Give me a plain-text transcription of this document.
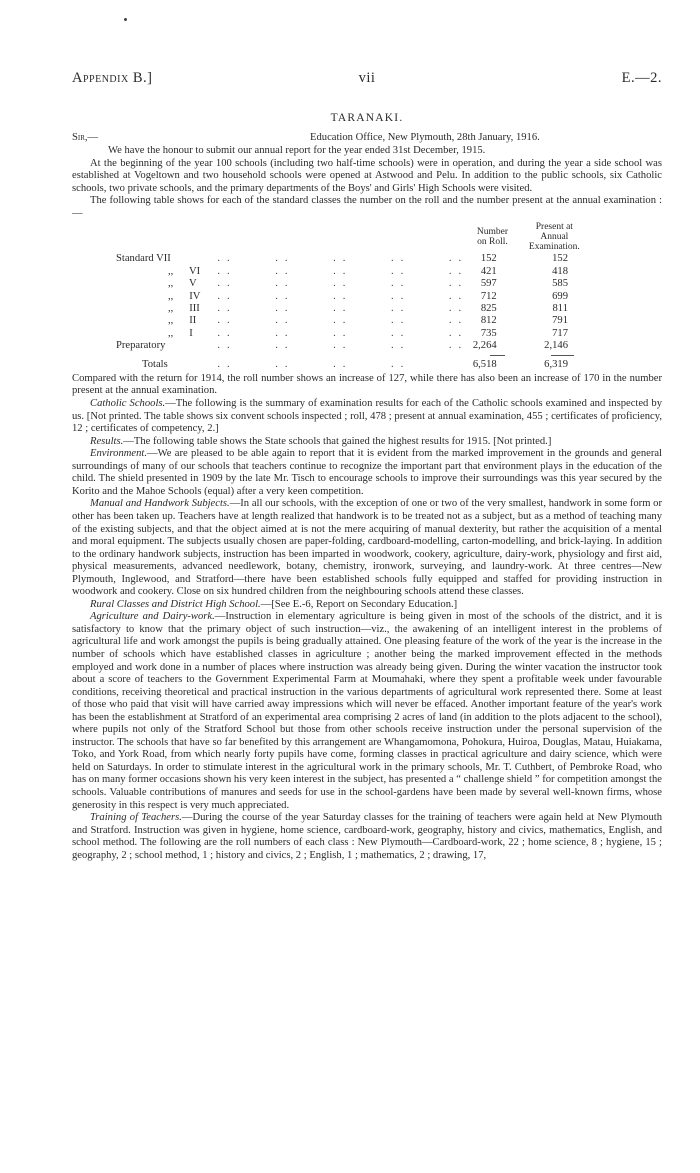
Appendix B.]	vii	E.—2.
TARANAKI.
Sir,—	Education Office, New Plymouth, 28th January, 1916.

We have the honour to submit our annual report for the year ended 31st December, 1915.

At the beginning of the year 100 schools (including two half-time schools) were in operation, and during the year a side school was established at Vogeltown and two household schools were opened at Astwood and Pelu. In addition to the public schools, six Catholic schools, two private schools, and the primary departments of the Boys' and Girls' High Schools were visited.

The following table shows for each of the standard classes the number on the roll and the number present at the annual examination :—

		Number
on Roll.	Present at Annual
Examination.
Standard VII	..    ..    ..    ..    ..	152	152
,,      VI	..    ..    ..    ..    ..	421	418
,,      V	..    ..    ..    ..    ..	597	585
,,      IV	..    ..    ..    ..    ..	712	699
,,      III	..    ..    ..    ..    ..	825	811
,,      II	..    ..    ..    ..    ..	812	791
,,      I	..    ..    ..    ..    ..	735	717
Preparatory	..    ..    ..    ..    ..	2,264	2,146

Totals	..    ..    ..    ..	6,518	6,319

Compared with the return for 1914, the roll number shows an increase of 127, while there has also been an increase of 170 in the number present at the annual examination.

Catholic Schools.—The following is the summary of examination results for each of the Catholic schools examined and inspected by us. [Not printed. The table shows six convent schools inspected ; roll, 478 ; present at annual examination, 455 ; certificates of proficiency, 12 ; certificates of competency, 2.]

Results.—The following table shows the State schools that gained the highest results for 1915. [Not printed.]

Environment.—We are pleased to be able again to report that it is evident from the marked improvement in the grounds and general surroundings of many of our schools that teachers continue to recognize the important part that environment plays in the education of the child. The shield presented in 1909 by the late Mr. Tisch to encourage schools to improve their surroundings was this year secured by the Korito and the Mahoe Schools (equal) after a very keen competition.

Manual and Handwork Subjects.—In all our schools, with the exception of one or two of the very smallest, handwork in some form or other has been taken up. Teachers have at length realized that handwork is to be treated not as a subject, but as a method of teaching many of the existing subjects, and that the object aimed at is not the mere acquiring of manual dexterity, but rather the acquisition of a mental and moral equipment. The subjects usually chosen are paper-folding, cardboard-modelling, carton-modelling, and brick-laying. In addition to the ordinary handwork subjects, instruction has been imparted in woodwork, cookery, agriculture, dairy-work, physiology and first aid, physical measurements, advanced needlework, botany, chemistry, ironwork, surveying, and laundry-work. At three centres—New Plymouth, Inglewood, and Stratford—there have been established schools fully equipped and staffed for providing instruction in woodwork and cookery. Close on six hundred children from the neighbouring schools attend these classes.

Rural Classes and District High School.—[See E.-6, Report on Secondary Education.]

Agriculture and Dairy-work.—Instruction in elementary agriculture is being given in most of the schools of the district, and it is satisfactory to know that the primary object of such instruction—viz., the awakening of an intelligent interest in the problems of agricultural life and work amongst the pupils is being gradually attained. One pleasing feature of the work of the year is the increase in the number of schools which have established classes in agriculture ; another being the marked improvement effected in the methods employed and work done in a number of places where instruction was already being given. During the winter vacation the instructor took about a score of teachers to the Government Experimental Farm at Moumahaki, where they spent a profitable week under favourable conditions, receiving theoretical and practical instruction in the various departments of agricultural work represented there. Some at least of those who paid that visit will have carried away impressions which will never be effaced. Another important feature of the year's work has been the establishment at Stratford of an experimental area comprising 2 acres of land (in addition to the plots adjacent to the school), where pupils not only of the Stratford School but those from other schools receive instruction under the personal supervision of the instructor. The schools that have so far benefited by this arrangement are Whangamomona, Pohokura, Huiroa, Douglas, Matau, Huiakama, Toko, and York Road, from which nearly forty pupils have come, forming classes in practical agriculture and dairy science, which were held on Saturdays. In order to stimulate interest in the agricultural work in the primary schools, Mr. T. Cuthbert, of Pembroke Road, who has on many former occasions shown his very keen interest in the subject, has presented a “ challenge shield ” for competition amongst the schools. Valuable contributions of manures and seeds for use in the school-gardens have been made by several well-known firms, whose generosity in this respect is very much appreciated.

Training of Teachers.—During the course of the year Saturday classes for the training of teachers were again held at New Plymouth and Stratford. Instruction was given in hygiene, home science, cardboard-work, geography, history and civics, mathematics, English, and school method. The following are the roll numbers of each class : New Plymouth—Cardboard-work, 22 ; home science, 8 ; hygiene, 15 ; geography, 2 ; school method, 1 ; history and civics, 2 ; English, 1 ; mathematics, 2 ; drawing, 17,
